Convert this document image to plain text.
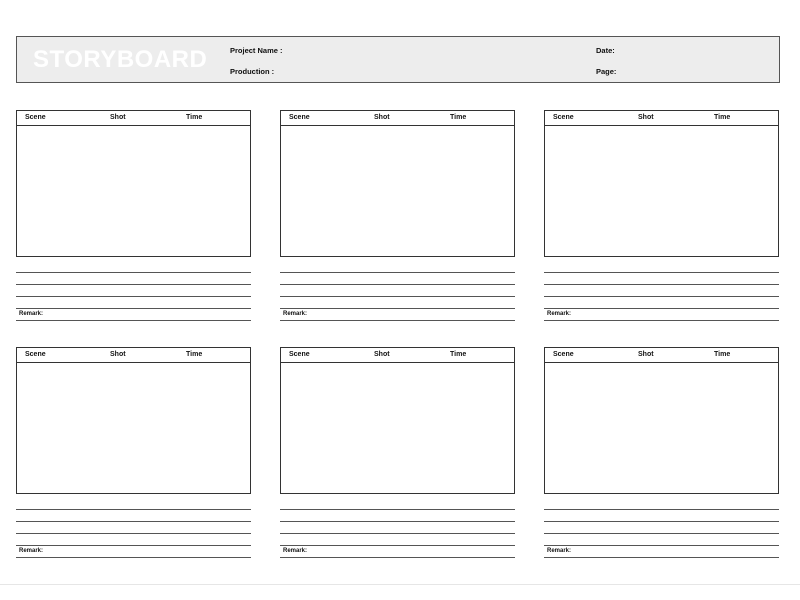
STORYBOARD	Project Name :
Production :
Date:
Page:
Scene	Shot	Time
Remark:
Scene	Shot	Time
Remark:
Scene	Shot	Time
Remark:
Scene	Shot	Time
Remark:
Scene	Shot	Time
Remark:
Scene	Shot	Time
Remark:
